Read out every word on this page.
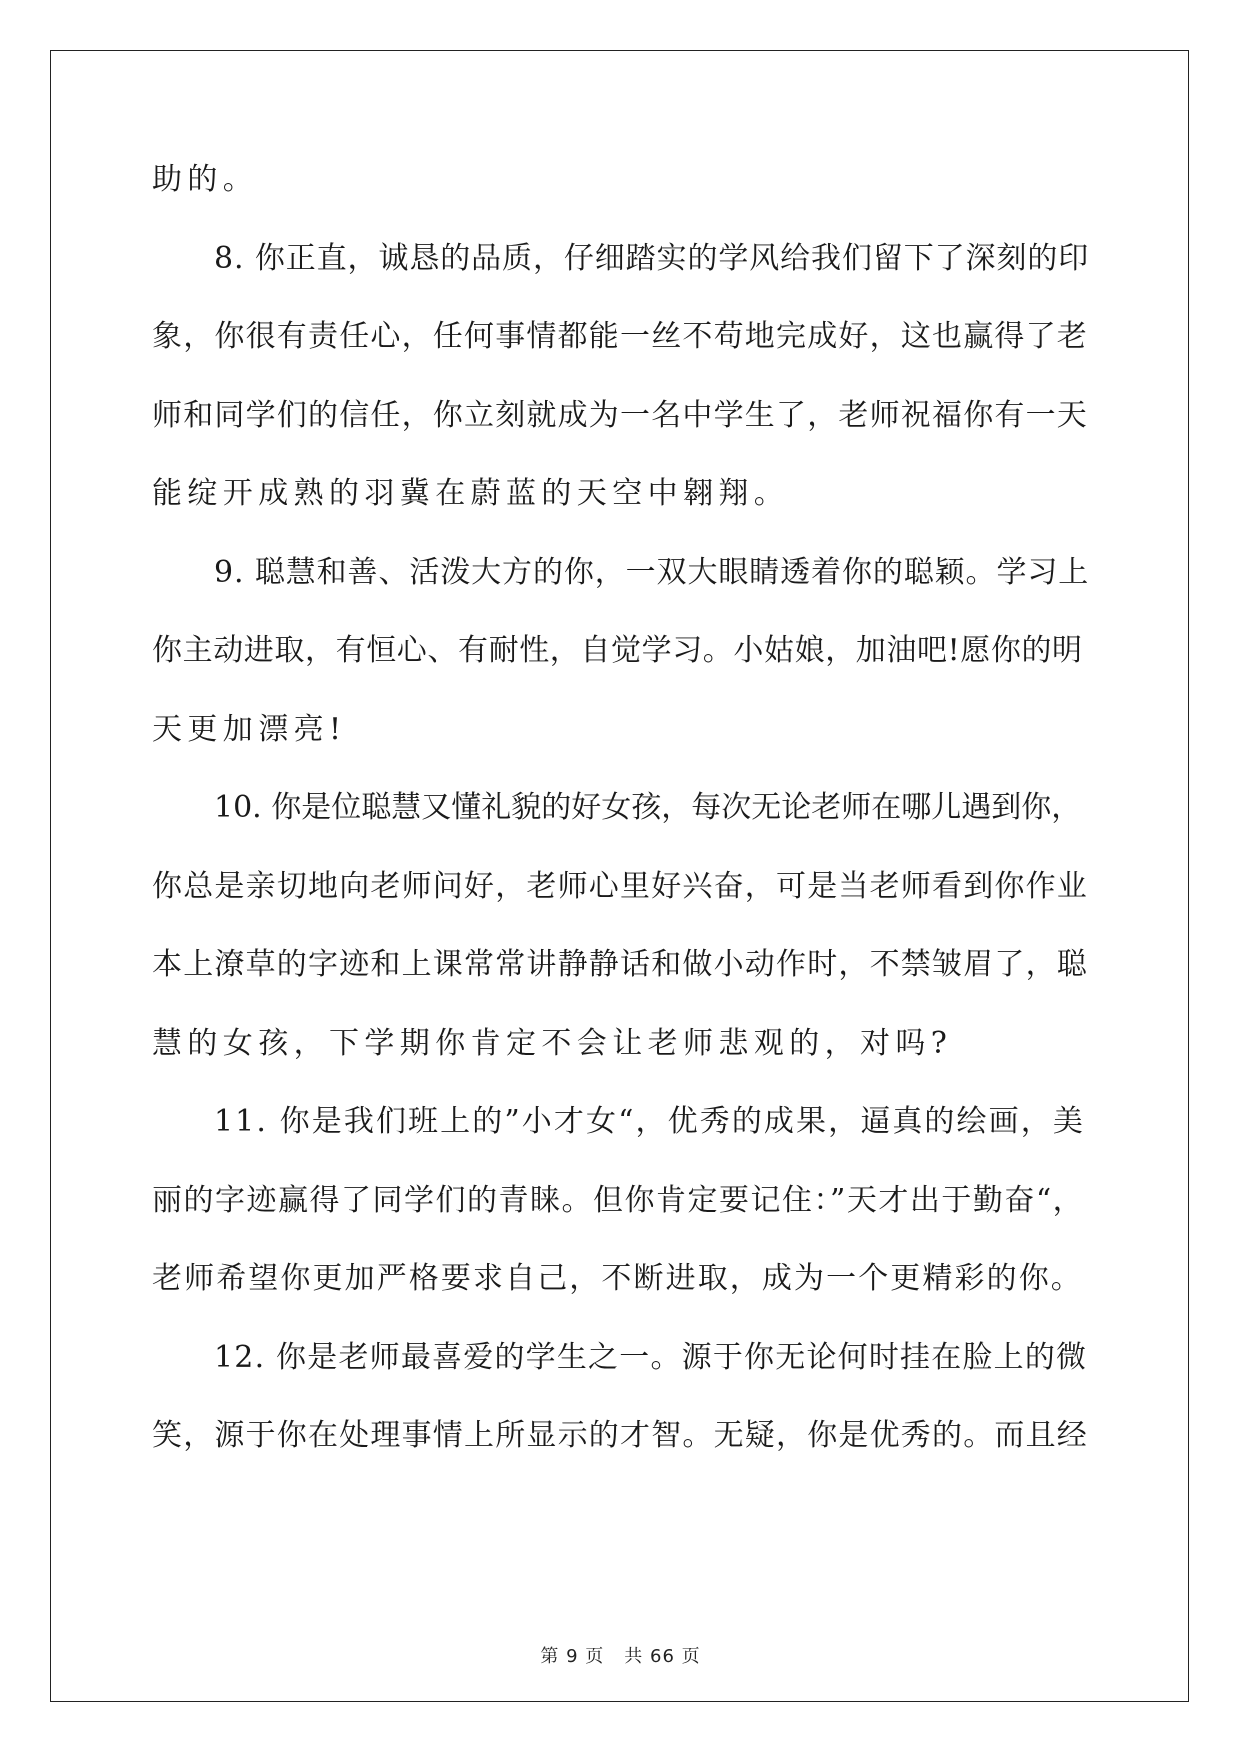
助的。
8. 你正直，诚恳的品质，仔细踏实的学风给我们留下了深刻的印
象，你很有责任心，任何事情都能一丝不苟地完成好，这也赢得了老
师和同学们的信任，你立刻就成为一名中学生了，老师祝福你有一天
能绽开成熟的羽冀在蔚蓝的天空中翱翔。
9. 聪慧和善、活泼大方的你，一双大眼睛透着你的聪颖。学习上
你主动进取，有恒心、有耐性，自觉学习。小姑娘，加油吧!愿你的明
天更加漂亮!
10. 你是位聪慧又懂礼貌的好女孩，每次无论老师在哪儿遇到你，
你总是亲切地向老师问好，老师心里好兴奋，可是当老师看到你作业
本上潦草的字迹和上课常常讲静静话和做小动作时，不禁皱眉了，聪
慧的女孩，下学期你肯定不会让老师悲观的，对吗?
11. 你是我们班上的”小才女“，优秀的成果，逼真的绘画，美
丽的字迹赢得了同学们的青睐。但你肯定要记住：”天才出于勤奋“，
老师希望你更加严格要求自己，不断进取，成为一个更精彩的你。
12. 你是老师最喜爱的学生之一。源于你无论何时挂在脸上的微
笑，源于你在处理事情上所显示的才智。无疑，你是优秀的。而且经
第 9 页 共 66 页
